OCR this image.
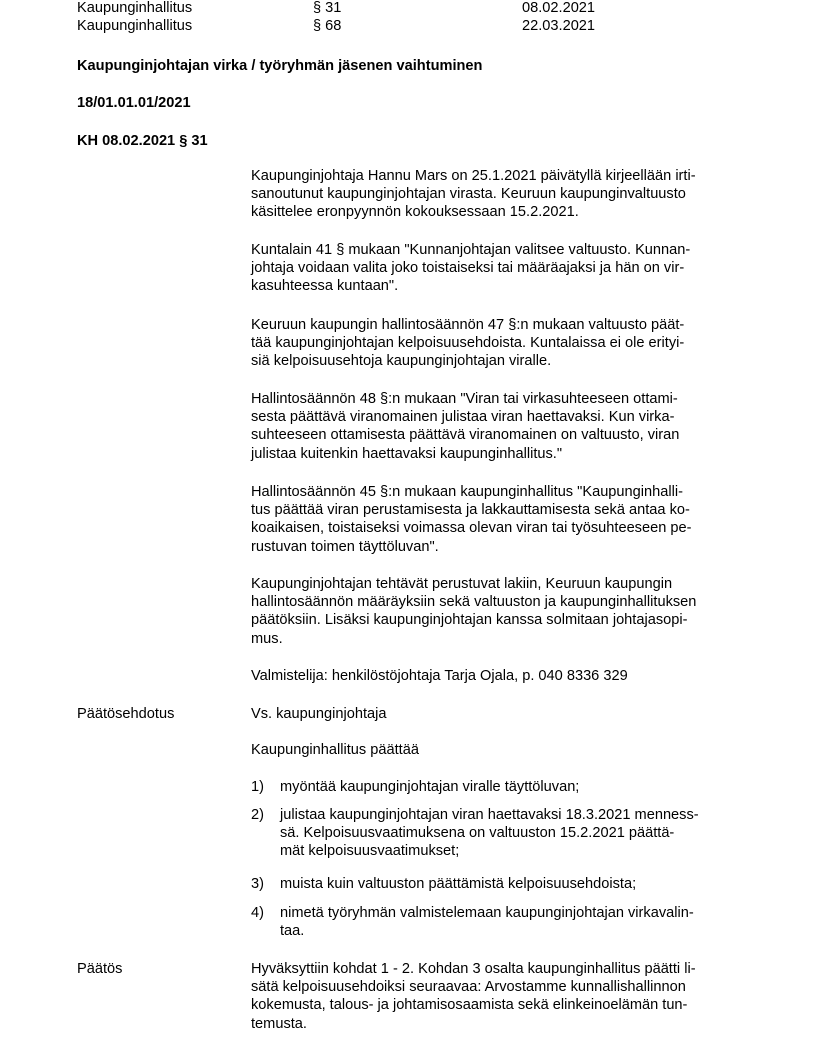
Kaupunginhallitus	§ 31	08.02.2021
Kaupunginhallitus	§ 68	22.03.2021
Kaupunginjohtajan virka / työryhmän jäsenen vaihtuminen
18/01.01.01/2021
KH 08.02.2021 § 31
Kaupunginjohtaja Hannu Mars on 25.1.2021 päivätyllä kirjeellään irti-
sanoutunut kaupunginjohtajan virasta. Keuruun kaupunginvaltuusto
käsittelee eronpyynnön kokouksessaan 15.2.2021.
Kuntalain 41 § mukaan "Kunnanjohtajan valitsee valtuusto. Kunnan-
johtaja voidaan valita joko toistaiseksi tai määräajaksi ja hän on vir-
kasuhteessa kuntaan".
Keuruun kaupungin hallintosäännön 47 §:n mukaan valtuusto päät-
tää kaupunginjohtajan kelpoisuusehdoista. Kuntalaissa ei ole erityi-
siä kelpoisuusehtoja kaupunginjohtajan viralle.
Hallintosäännön 48 §:n mukaan "Viran tai virkasuhteeseen ottami-
sesta päättävä viranomainen julistaa viran haettavaksi. Kun virka-
suhteeseen ottamisesta päättävä viranomainen on valtuusto, viran
julistaa kuitenkin haettavaksi kaupunginhallitus."
Hallintosäännön 45 §:n mukaan kaupunginhallitus "Kaupunginhalli-
tus päättää viran perustamisesta ja lakkauttamisesta sekä antaa ko-
koaikaisen, toistaiseksi voimassa olevan viran tai työsuhteeseen pe-
rustuvan toimen täyttöluvan".
Kaupunginjohtajan tehtävät perustuvat lakiin, Keuruun kaupungin
hallintosäännön määräyksiin sekä valtuuston ja kaupunginhallituksen
päätöksiin. Lisäksi kaupunginjohtajan kanssa solmitaan johtajasopi-
mus.
Valmistelija: henkilöstöjohtaja Tarja Ojala, p. 040 8336 329
Päätösehdotus	Vs. kaupunginjohtaja
Kaupunginhallitus päättää
1) myöntää kaupunginjohtajan viralle täyttöluvan;
2) julistaa kaupunginjohtajan viran haettavaksi 18.3.2021 menness-
sä. Kelpoisuusvaatimuksena on valtuuston 15.2.2021 päättä-
mät kelpoisuusvaatimukset;
3) muista kuin valtuuston päättämistä kelpoisuusehdoista;
4) nimetä työryhmän valmistelemaan kaupunginjohtajan virkavalin-
taa.
Päätös	Hyväksyttiin kohdat 1 - 2. Kohdan 3 osalta kaupunginhallitus päätti li-
sätä kelpoisuusehdoiksi seuraavaa: Arvostamme kunnallishallinnon
kokemusta, talous- ja johtamisosaamista sekä elinkeinoelämän tun-
temusta.
